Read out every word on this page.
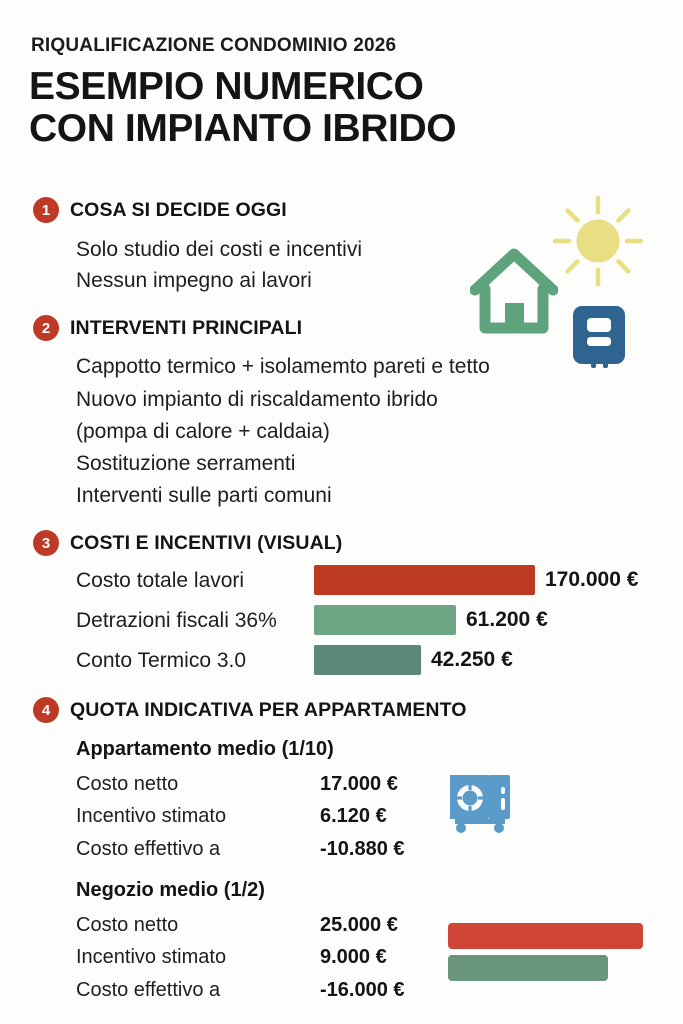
RIQUALIFICAZIONE CONDOMINIO 2026
ESEMPIO NUMERICO
CON IMPIANTO IBRIDO
1	COSA SI DECIDE OGGI
Solo studio dei costi e incentivi
Nessun impegno ai lavori
2	INTERVENTI PRINCIPALI
Cappotto termico + isolamemto pareti e tetto
Nuovo impianto di riscaldamento ibrido
(pompa di calore + caldaia)
Sostituzione serramenti
Interventi sulle parti comuni
3	COSTI E INCENTIVI (VISUAL)
Costo totale lavori	170.000 €
Detrazioni fiscali 36%	61.200 €
Conto Termico 3.0	42.250 €
4	QUOTA INDICATIVA PER APPARTAMENTO
Appartamento medio (1/10)
Costo netto	17.000 €
Incentivo stimato	6.120 €
Costo effettivo a	-10.880 €
Negozio medio (1/2)
Costo netto	25.000 €
Incentivo stimato	9.000 €
Costo effettivo a	-16.000 €
